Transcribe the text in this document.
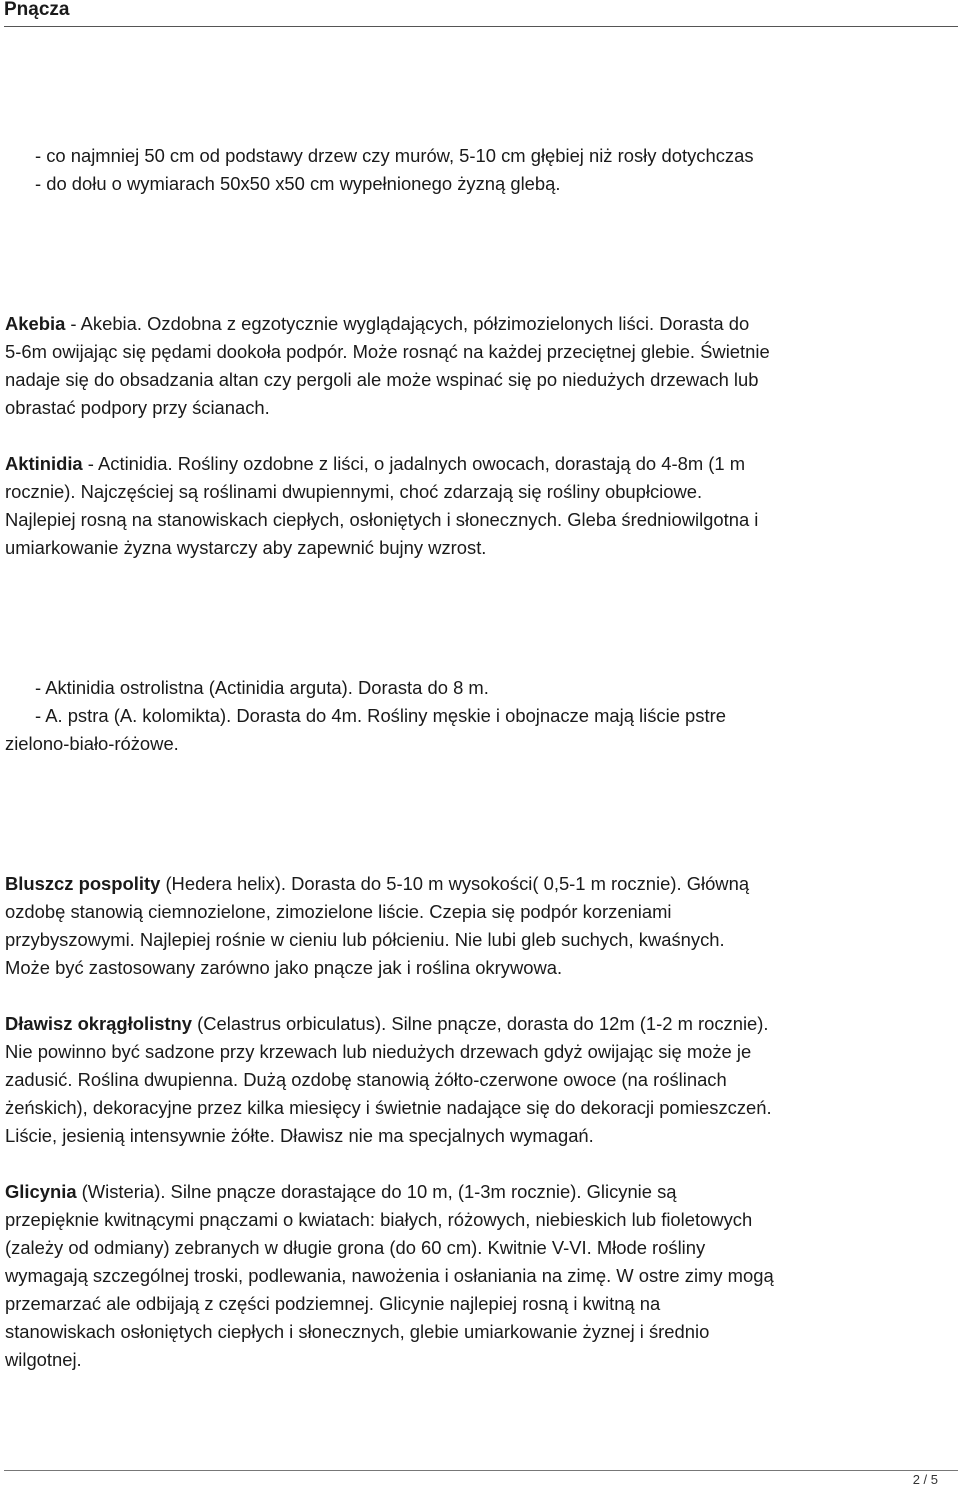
Pnącza
- co najmniej 50 cm od podstawy drzew czy murów, 5-10 cm głębiej niż rosły dotychczas
- do dołu o wymiarach 50x50 x50 cm wypełnionego żyzną glebą.
Akebia - Akebia. Ozdobna z egzotycznie wyglądających, półzimozielonych liści. Dorasta do
5-6m owijając się pędami dookoła podpór. Może rosnąć na każdej przeciętnej glebie. Świetnie
nadaje się do obsadzania altan czy pergoli ale może wspinać się po niedużych drzewach lub
obrastać podpory przy ścianach.
Aktinidia - Actinidia. Rośliny ozdobne z liści, o jadalnych owocach, dorastają do 4-8m (1 m
rocznie). Najczęściej są roślinami dwupiennymi, choć zdarzają się rośliny obupłciowe.
Najlepiej rosną na stanowiskach ciepłych, osłoniętych i słonecznych. Gleba średniowilgotna i
umiarkowanie żyzna wystarczy aby zapewnić bujny wzrost.
- Aktinidia ostrolistna (Actinidia arguta). Dorasta do 8 m.
- A. pstra (A. kolomikta). Dorasta do 4m. Rośliny męskie i obojnacze mają liście pstre
zielono-biało-różowe.
Bluszcz pospolity (Hedera helix). Dorasta do 5-10 m wysokości( 0,5-1 m rocznie). Główną
ozdobę stanowią ciemnozielone, zimozielone liście. Czepia się podpór korzeniami
przybyszowymi. Najlepiej rośnie w cieniu lub półcieniu. Nie lubi gleb suchych, kwaśnych.
Może być zastosowany zarówno jako pnącze jak i roślina okrywowa.
Dławisz okrągłolistny (Celastrus orbiculatus). Silne pnącze, dorasta do 12m (1-2 m rocznie).
Nie powinno być sadzone przy krzewach lub niedużych drzewach gdyż owijając się może je
zadusić. Roślina dwupienna. Dużą ozdobę stanowią żółto-czerwone owoce (na roślinach
żeńskich), dekoracyjne przez kilka miesięcy i świetnie nadające się do dekoracji pomieszczeń.
Liście, jesienią intensywnie żółte. Dławisz nie ma specjalnych wymagań.
Glicynia (Wisteria). Silne pnącze dorastające do 10 m, (1-3m rocznie). Glicynie są
przepięknie kwitnącymi pnączami o kwiatach: białych, różowych, niebieskich lub fioletowych
(zależy od odmiany) zebranych w długie grona (do 60 cm). Kwitnie V-VI. Młode rośliny
wymagają szczególnej troski, podlewania, nawożenia i osłaniania na zimę. W ostre zimy mogą
przemarzać ale odbijają z części podziemnej. Glicynie najlepiej rosną i kwitną na
stanowiskach osłoniętych ciepłych i słonecznych, glebie umiarkowanie żyznej i średnio
wilgotnej.
2 / 5
